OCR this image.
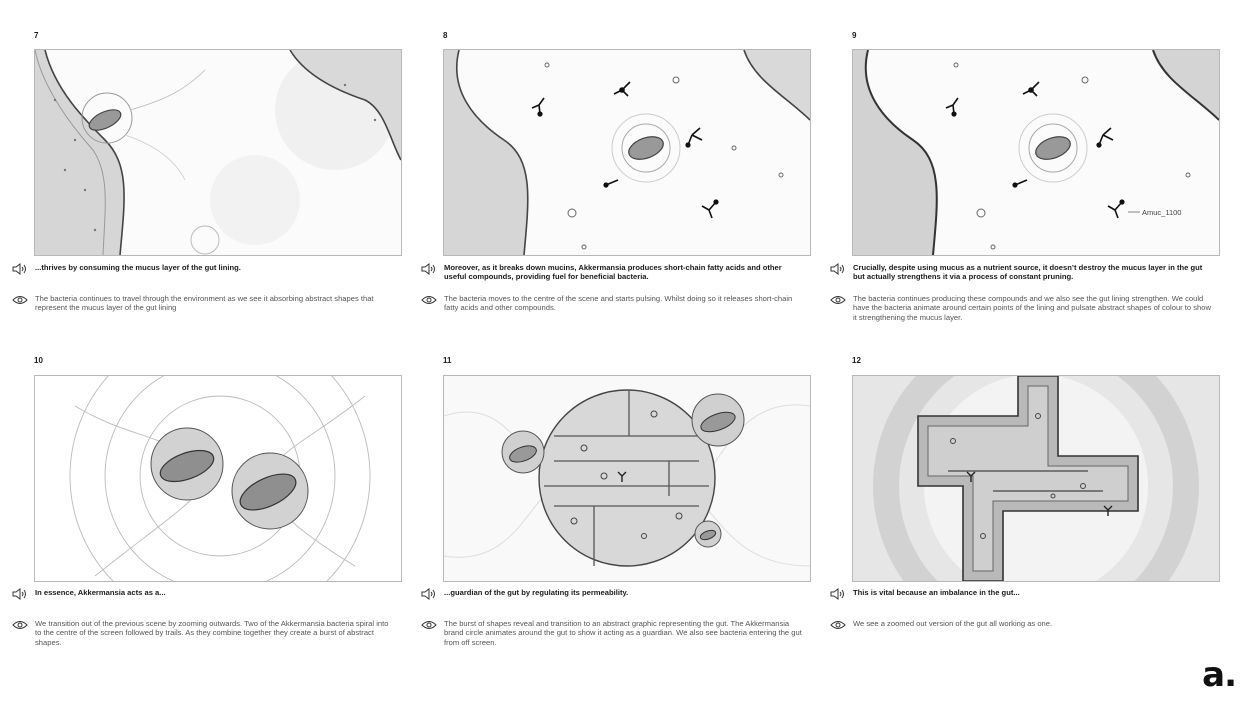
7
...thrives by consuming the mucus layer of the gut lining.
The bacteria continues to travel through the environment as we see it absorbing abstract shapes that represent the mucus layer of the gut lining
8
Moreover, as it breaks down mucins, Akkermansia produces short-chain fatty acids and other useful compounds, providing fuel for beneficial bacteria.
The bacteria moves to the centre of the scene and starts pulsing. Whilst doing so it releases short-chain fatty acids and other compounds.
9
Amuc_1100
Crucially, despite using mucus as a nutrient source, it doesn’t destroy the mucus layer in the gut but actually strengthens it via a process of constant pruning.
The bacteria continues producing these compounds and we also see the gut lining strengthen. We could have the bacteria animate around certain points of the lining and pulsate abstract shapes of colour to show it strengthening the mucus layer.
10
In essence, Akkermansia acts as a...
We transition out of the previous scene by zooming outwards. Two of the Akkermansia bacteria spiral into to the centre of the screen followed by trails. As they combine together they create a burst of abstract shapes.
11
...guardian of the gut by regulating its permeability.
The burst of shapes reveal and transition to an abstract graphic representing the gut. The Akkermansia brand circle animates around the gut to show it acting as a guardian. We also see bacteria entering the gut from off screen.
12
This is vital because an imbalance in the gut...
We see a zoomed out version of the gut all working as one.
a.
